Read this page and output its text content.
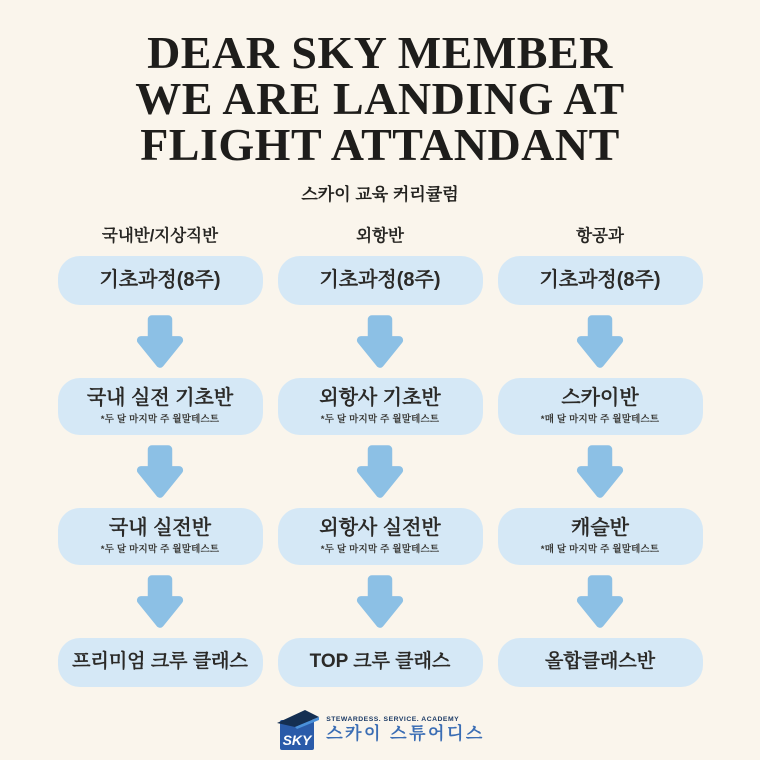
DEAR SKY MEMBER
WE ARE LANDING AT
FLIGHT ATTANDANT
스카이 교육 커리큘럼
국내반/지상직반
기초과정(8주)
국내 실전 기초반
*두 달 마지막 주 월말테스트
국내 실전반
*두 달 마지막 주 월말테스트
프리미엄 크루 클래스
외항반
기초과정(8주)
외항사 기초반
*두 달 마지막 주 월말테스트
외항사 실전반
*두 달 마지막 주 월말테스트
TOP 크루 클래스
항공과
기초과정(8주)
스카이반
*매 달 마지막 주 월말테스트
캐슬반
*매 달 마지막 주 월말테스트
올합클래스반
SKY
STEWARDESS. SERVICE. ACADEMY
스카이 스튜어디스
